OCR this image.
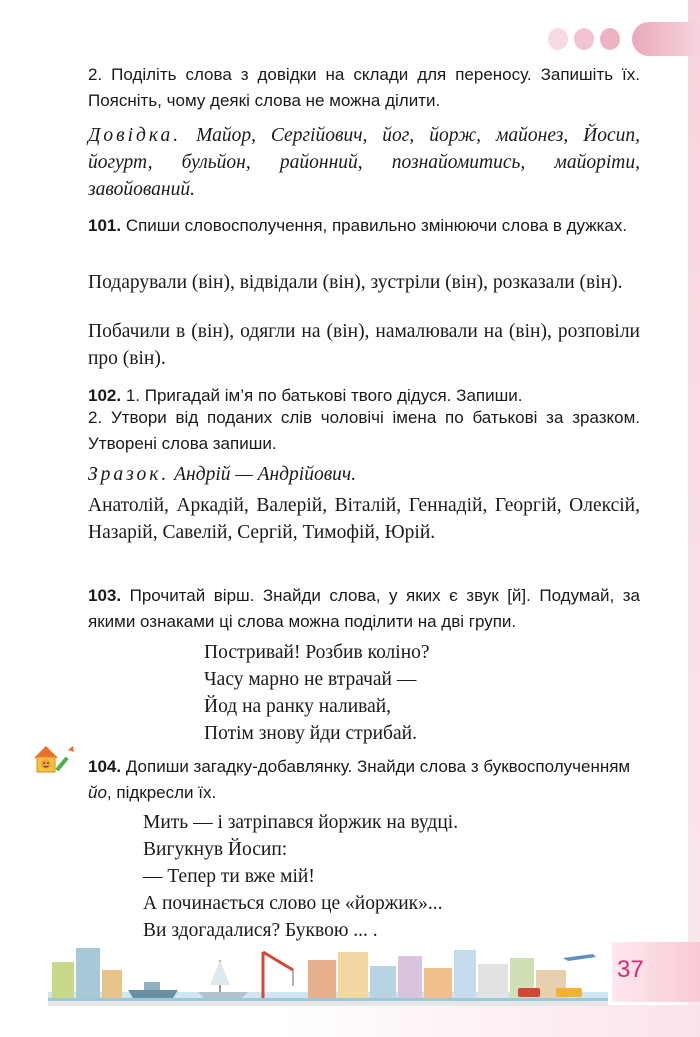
2. Поділіть слова з довідки на склади для переносу. Запишіть їх. Поясніть, чому деякі слова не можна ділити.
Довідка. Майор, Сергійович, йог, йорж, майонез, Йосип, йогурт, бульйон, районний, познайомитись, майоріти, завойований.
101. Спиши словосполучення, правильно змінюючи слова в дужках.
Подарували (він), відвідали (він), зустріли (він), розказали (він).
Побачили в (він), одягли на (він), намалювали на (він), розповіли про (він).
102. 1. Пригадай ім’я по батькові твого дідуся. Запиши.
2. Утвори від поданих слів чоловічі імена по батькові за зразком. Утворені слова запиши.
Зразок. Андрій — Андрійович.
Анатолій, Аркадій, Валерій, Віталій, Геннадій, Георгій, Олексій, Назарій, Савелій, Сергій, Тимофій, Юрій.
103. Прочитай вірш. Знайди слова, у яких є звук [й]. Подумай, за якими ознаками ці слова можна поділити на дві групи.
Постривай! Розбив коліно?
Часу марно не втрачай —
Йод на ранку наливай,
Потім знову йди стрибай.
104. Допиши загадку-добавлянку. Знайди слова з буквосполученням йо, підкресли їх.
Мить — і затріпався йоржик на вудці.
Вигукнув Йосип:
— Тепер ти вже мій!
А починається слово це «йоржик»...
Ви здогадалися? Буквою ... .
37
